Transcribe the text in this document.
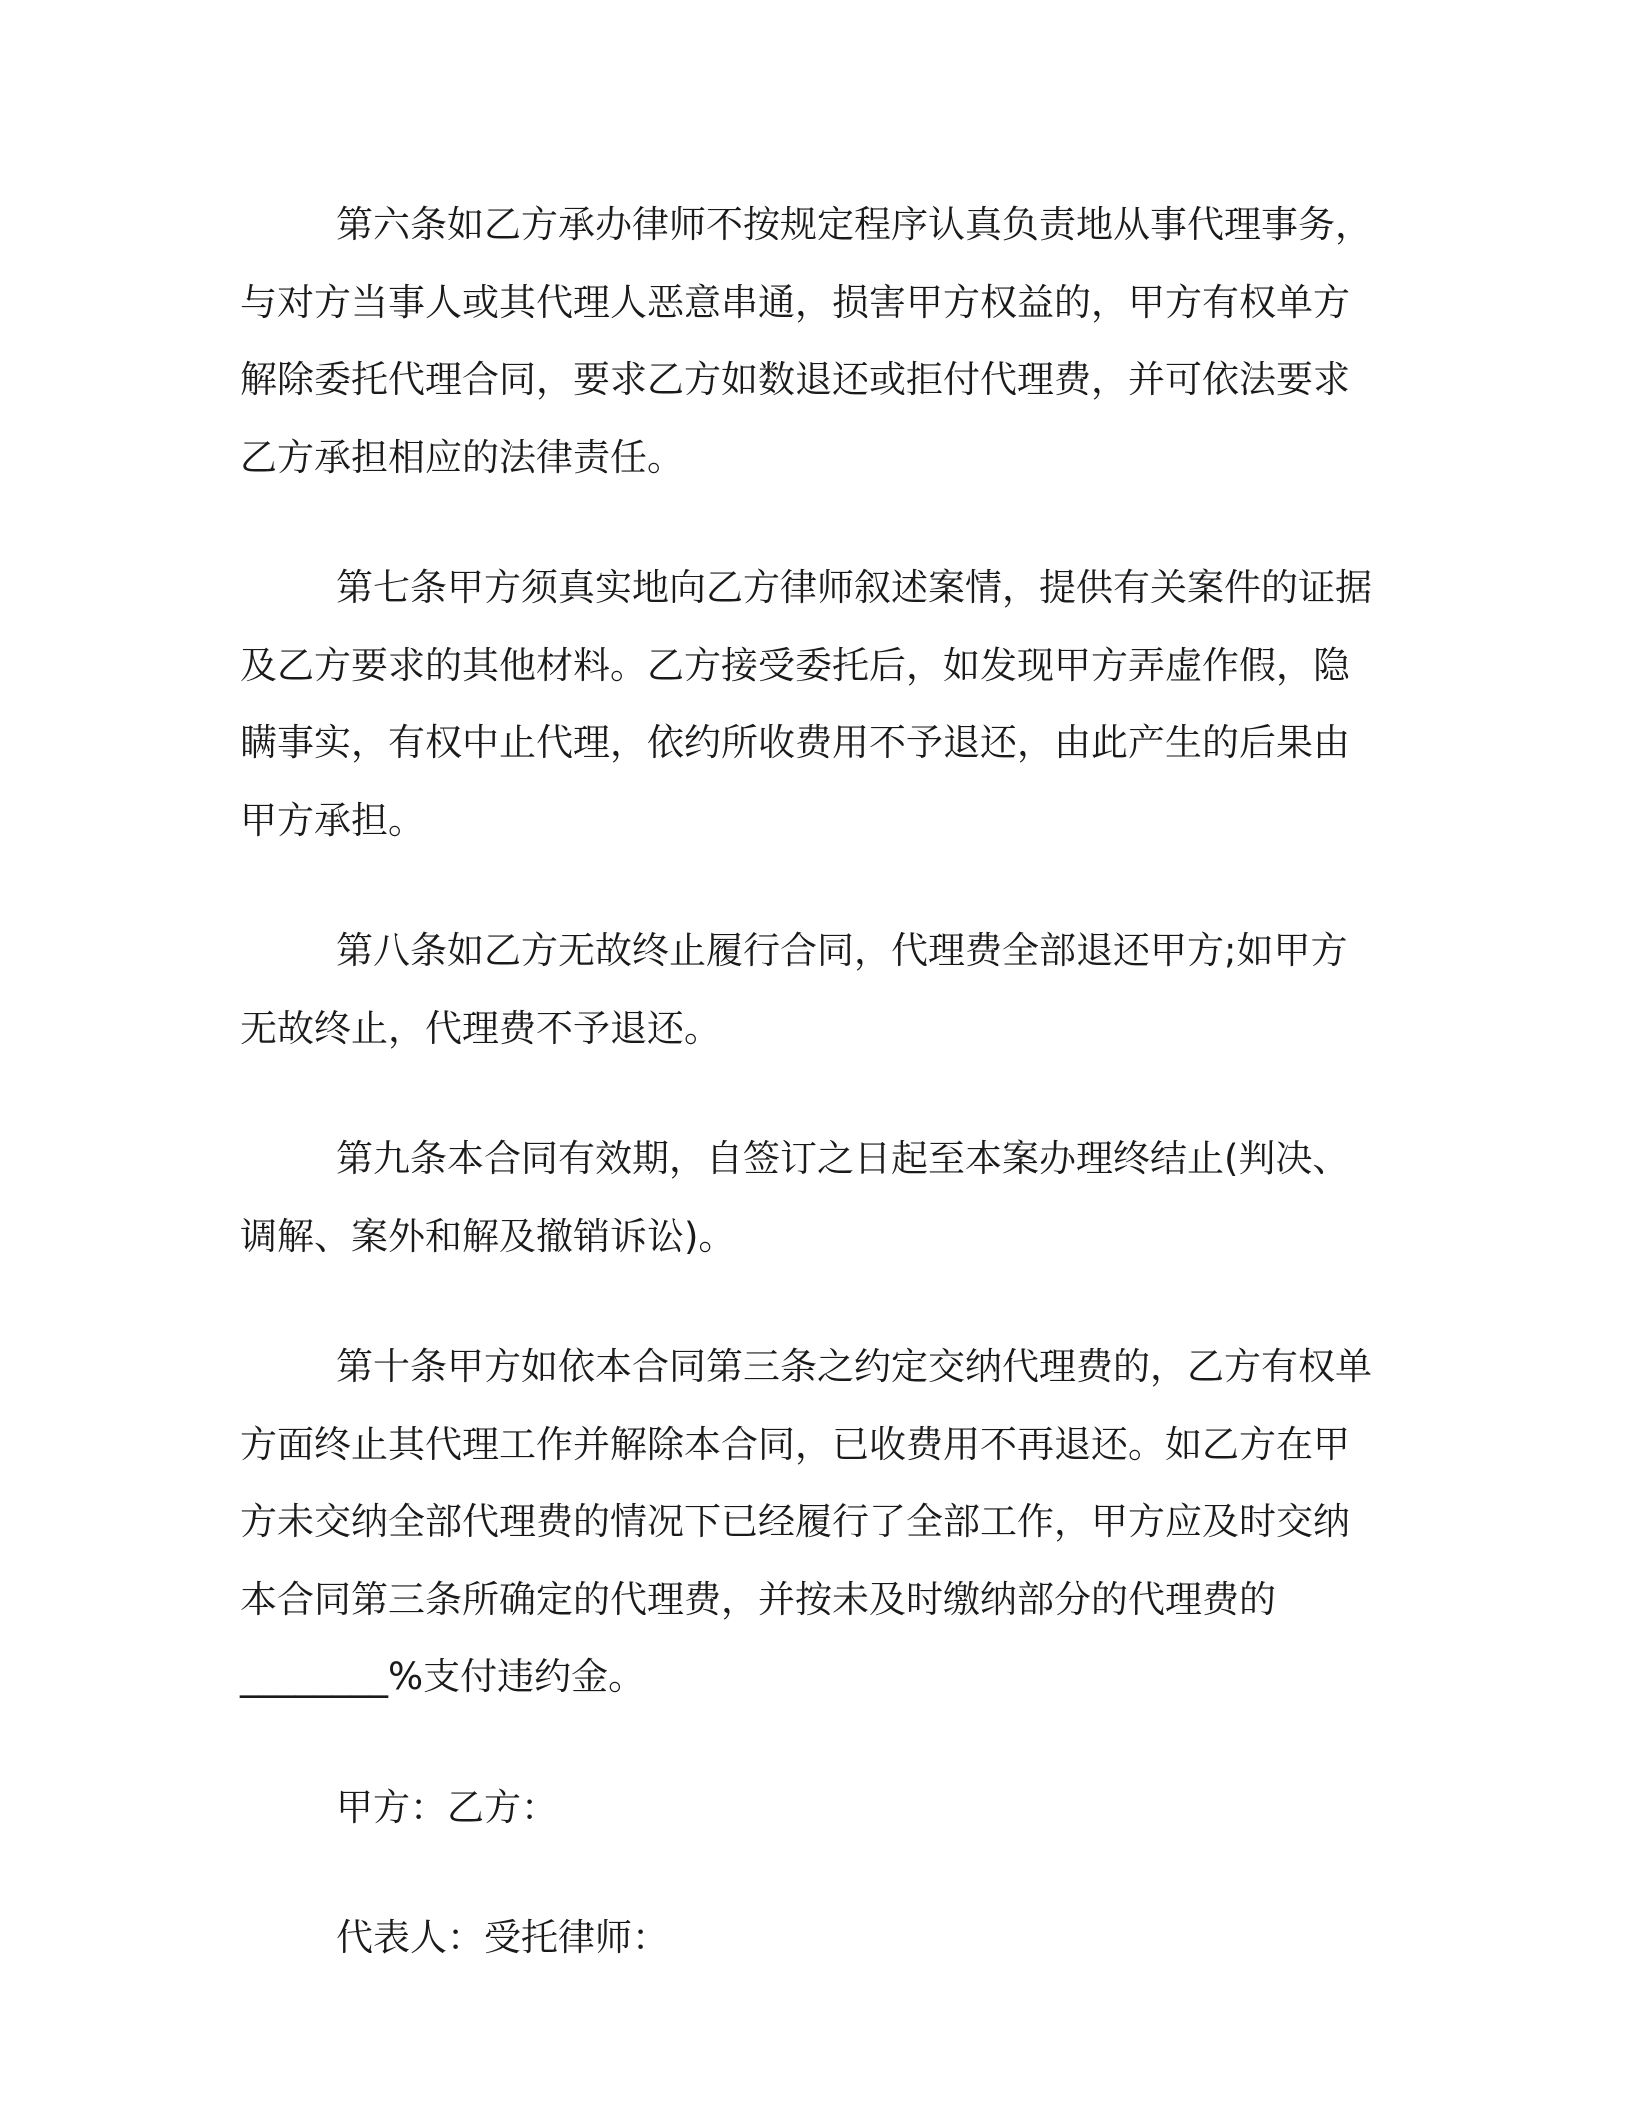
第六条如乙方承办律师不按规定程序认真负责地从事代理事务，
与对方当事人或其代理人恶意串通，损害甲方权益的，甲方有权单方
解除委托代理合同，要求乙方如数退还或拒付代理费，并可依法要求
乙方承担相应的法律责任。

第七条甲方须真实地向乙方律师叙述案情，提供有关案件的证据
及乙方要求的其他材料。乙方接受委托后，如发现甲方弄虚作假，隐
瞒事实，有权中止代理，依约所收费用不予退还，由此产生的后果由
甲方承担。

第八条如乙方无故终止履行合同，代理费全部退还甲方;如甲方
无故终止，代理费不予退还。

第九条本合同有效期，自签订之日起至本案办理终结止(判决、
调解、案外和解及撤销诉讼)。

第十条甲方如依本合同第三条之约定交纳代理费的，乙方有权单
方面终止其代理工作并解除本合同，已收费用不再退还。如乙方在甲
方未交纳全部代理费的情况下已经履行了全部工作，甲方应及时交纳
本合同第三条所确定的代理费，并按未及时缴纳部分的代理费的
________%支付违约金。

甲方：乙方：

代表人：受托律师：
